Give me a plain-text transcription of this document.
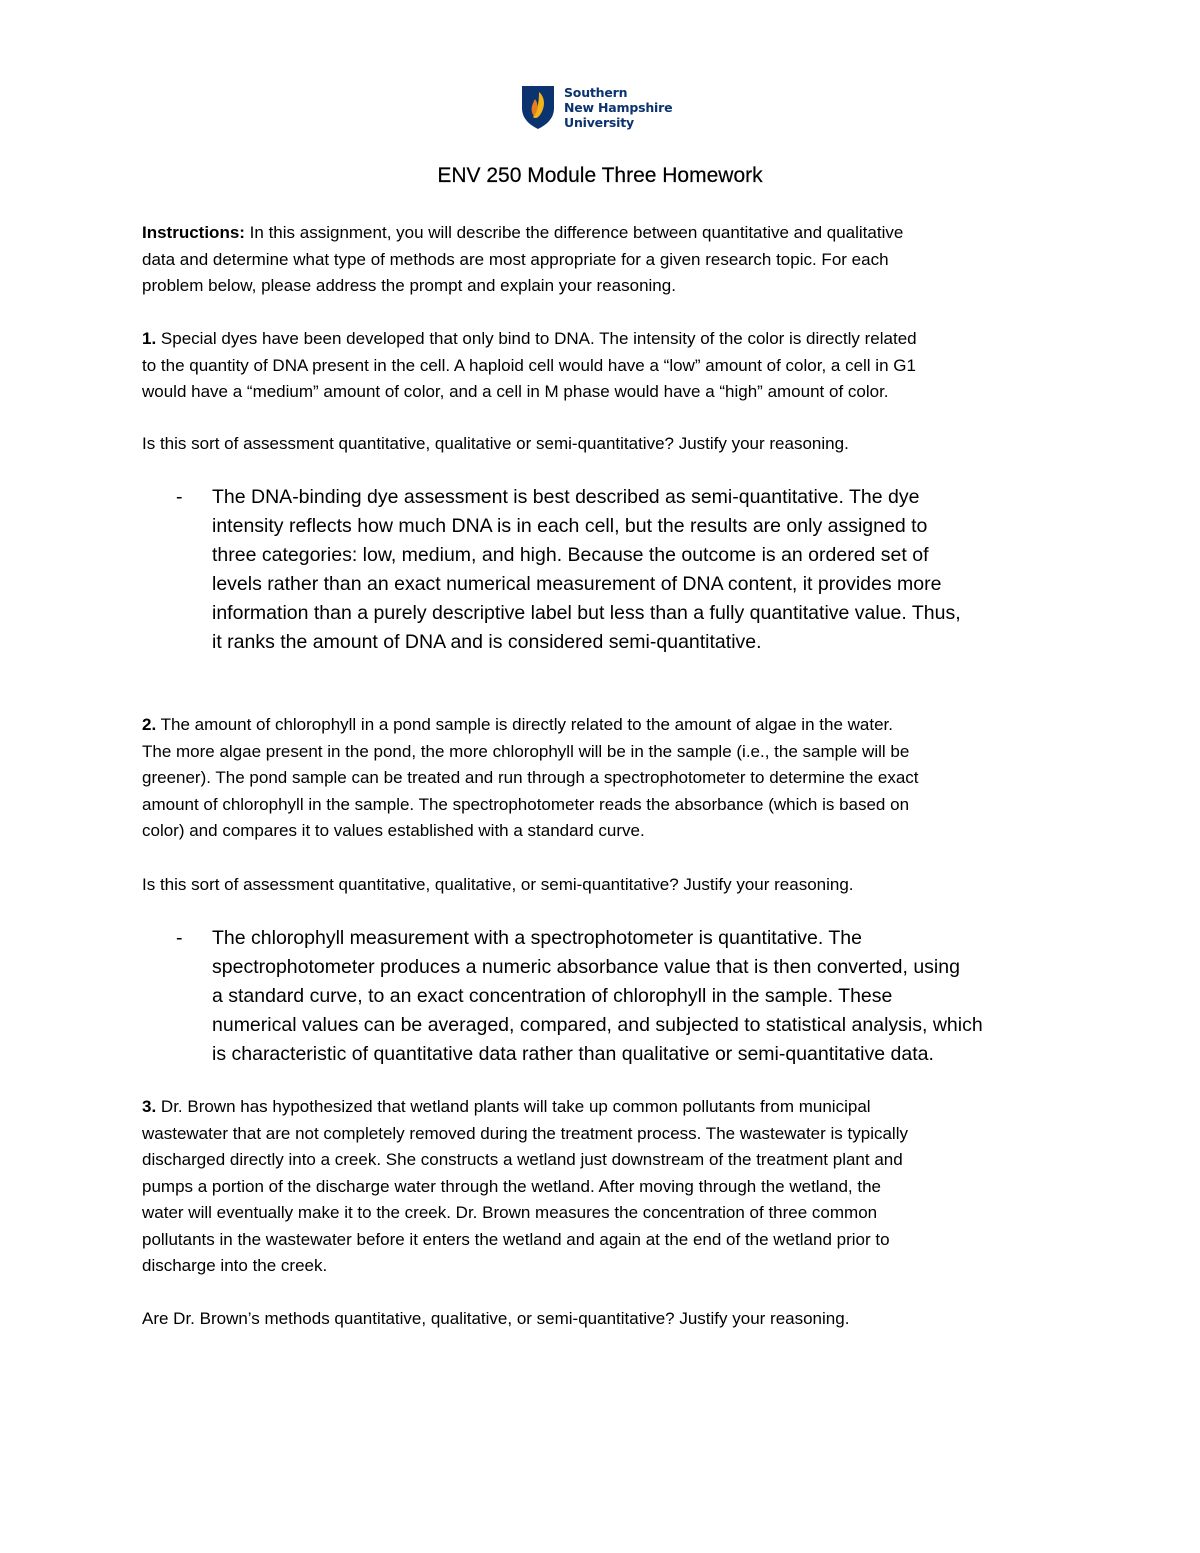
Southern
New Hampshire
University
ENV 250 Module Three Homework
Instructions: In this assignment, you will describe the difference between quantitative and qualitative
data and determine what type of methods are most appropriate for a given research topic. For each
problem below, please address the prompt and explain your reasoning.
1. Special dyes have been developed that only bind to DNA. The intensity of the color is directly related
to the quantity of DNA present in the cell. A haploid cell would have a “low” amount of color, a cell in G1
would have a “medium” amount of color, and a cell in M phase would have a “high” amount of color.
Is this sort of assessment quantitative, qualitative or semi-quantitative? Justify your reasoning.
- The DNA-binding dye assessment is best described as semi-quantitative. The dye
intensity reflects how much DNA is in each cell, but the results are only assigned to
three categories: low, medium, and high. Because the outcome is an ordered set of
levels rather than an exact numerical measurement of DNA content, it provides more
information than a purely descriptive label but less than a fully quantitative value. Thus,
it ranks the amount of DNA and is considered semi-quantitative.
2. The amount of chlorophyll in a pond sample is directly related to the amount of algae in the water.
The more algae present in the pond, the more chlorophyll will be in the sample (i.e., the sample will be
greener). The pond sample can be treated and run through a spectrophotometer to determine the exact
amount of chlorophyll in the sample. The spectrophotometer reads the absorbance (which is based on
color) and compares it to values established with a standard curve.
Is this sort of assessment quantitative, qualitative, or semi-quantitative? Justify your reasoning.
- The chlorophyll measurement with a spectrophotometer is quantitative. The
spectrophotometer produces a numeric absorbance value that is then converted, using
a standard curve, to an exact concentration of chlorophyll in the sample. These
numerical values can be averaged, compared, and subjected to statistical analysis, which
is characteristic of quantitative data rather than qualitative or semi-quantitative data.
3. Dr. Brown has hypothesized that wetland plants will take up common pollutants from municipal
wastewater that are not completely removed during the treatment process. The wastewater is typically
discharged directly into a creek. She constructs a wetland just downstream of the treatment plant and
pumps a portion of the discharge water through the wetland. After moving through the wetland, the
water will eventually make it to the creek. Dr. Brown measures the concentration of three common
pollutants in the wastewater before it enters the wetland and again at the end of the wetland prior to
discharge into the creek.
Are Dr. Brown’s methods quantitative, qualitative, or semi-quantitative? Justify your reasoning.
